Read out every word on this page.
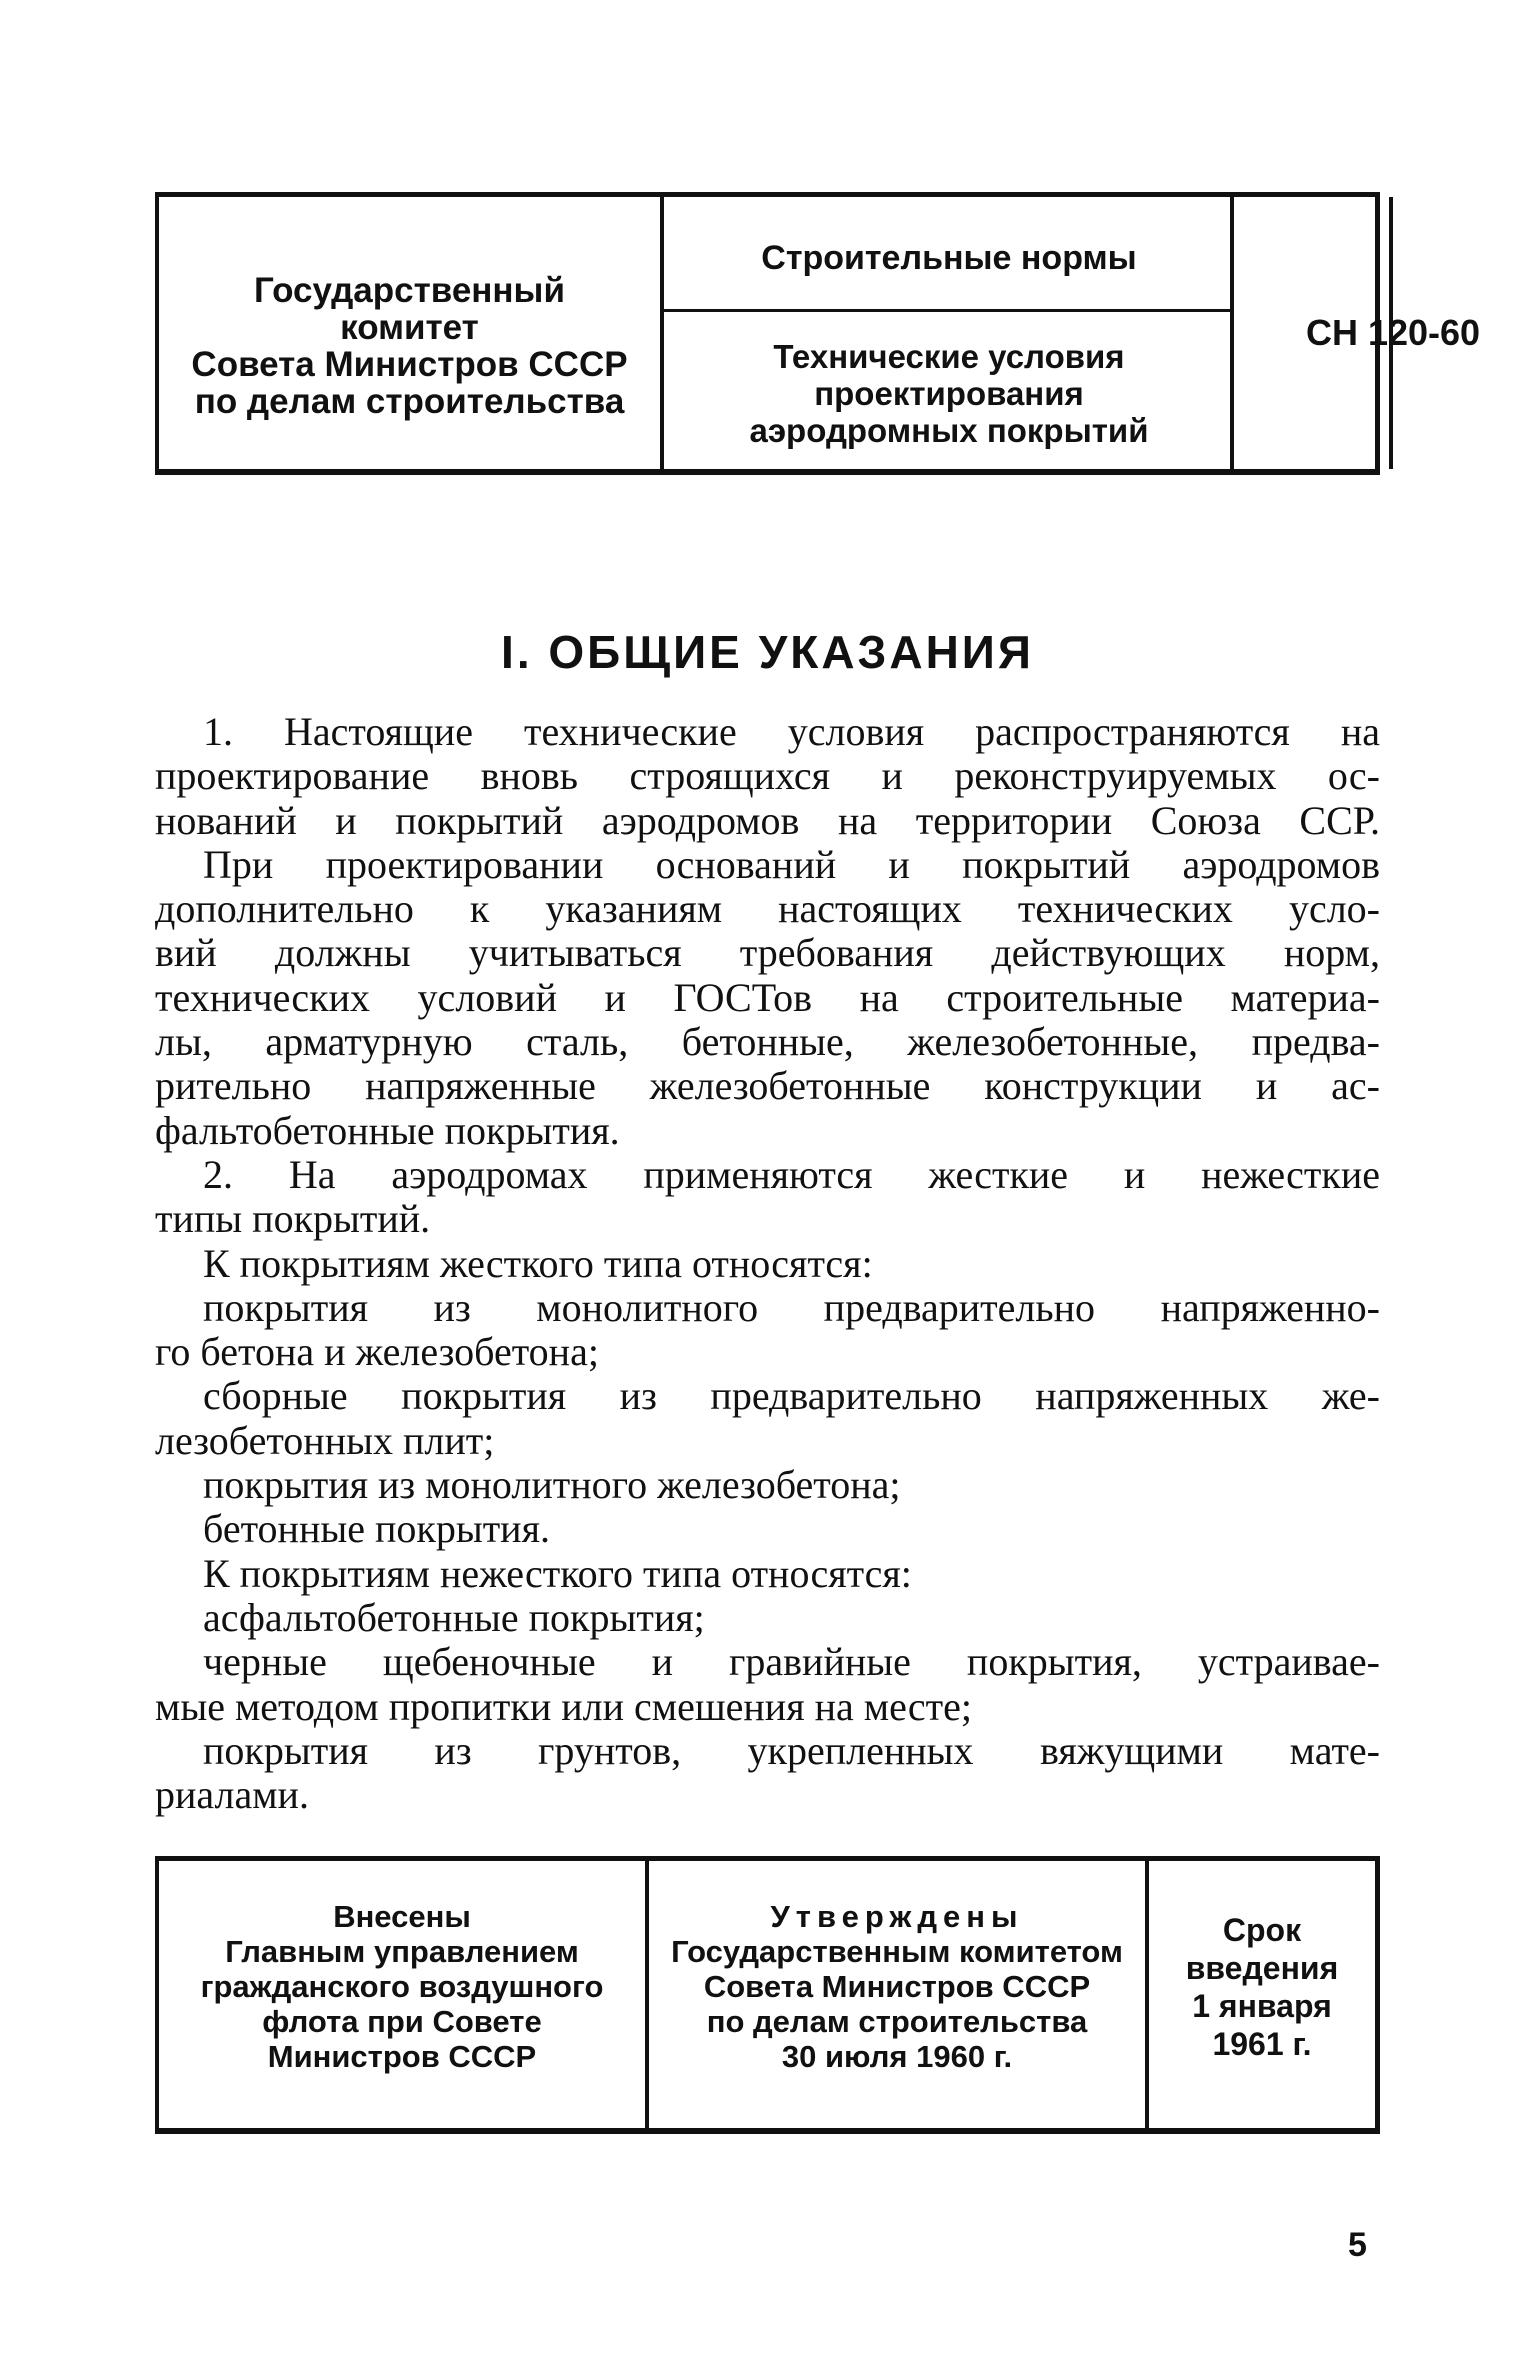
Государственный
комитет
Совета Министров СССР
по делам строительства
Строительные нормы
Технические условия
проектирования
аэродромных покрытий
СН 120-60
I. ОБЩИЕ УКАЗАНИЯ
1. Настоящие технические условия распространяются на
проектирование вновь строящихся и реконструируемых ос-
нований и покрытий аэродромов на территории Союза ССР.
При проектировании оснований и покрытий аэродромов
дополнительно к указаниям настоящих технических усло-
вий должны учитываться требования действующих норм,
технических условий и ГОСТов на строительные материа-
лы, арматурную сталь, бетонные, железобетонные, предва-
рительно напряженные железобетонные конструкции и ас-
фальтобетонные покрытия.
2. На аэродромах применяются жесткие и нежесткие
типы покрытий.
К покрытиям жесткого типа относятся:
покрытия из монолитного предварительно напряженно-
го бетона и железобетона;
сборные покрытия из предварительно напряженных же-
лезобетонных плит;
покрытия из монолитного железобетона;
бетонные покрытия.
К покрытиям нежесткого типа относятся:
асфальтобетонные покрытия;
черные щебеночные и гравийные покрытия, устраивае-
мые методом пропитки или смешения на месте;
покрытия из грунтов, укрепленных вяжущими мате-
риалами.
Внесены
Главным управлением
гражданского воздушного
флота при Совете
Министров СССР
Утверждены
Государственным комитетом
Совета Министров СССР
по делам строительства
30 июля 1960 г.
Срок
введения
1 января
1961 г.
5
